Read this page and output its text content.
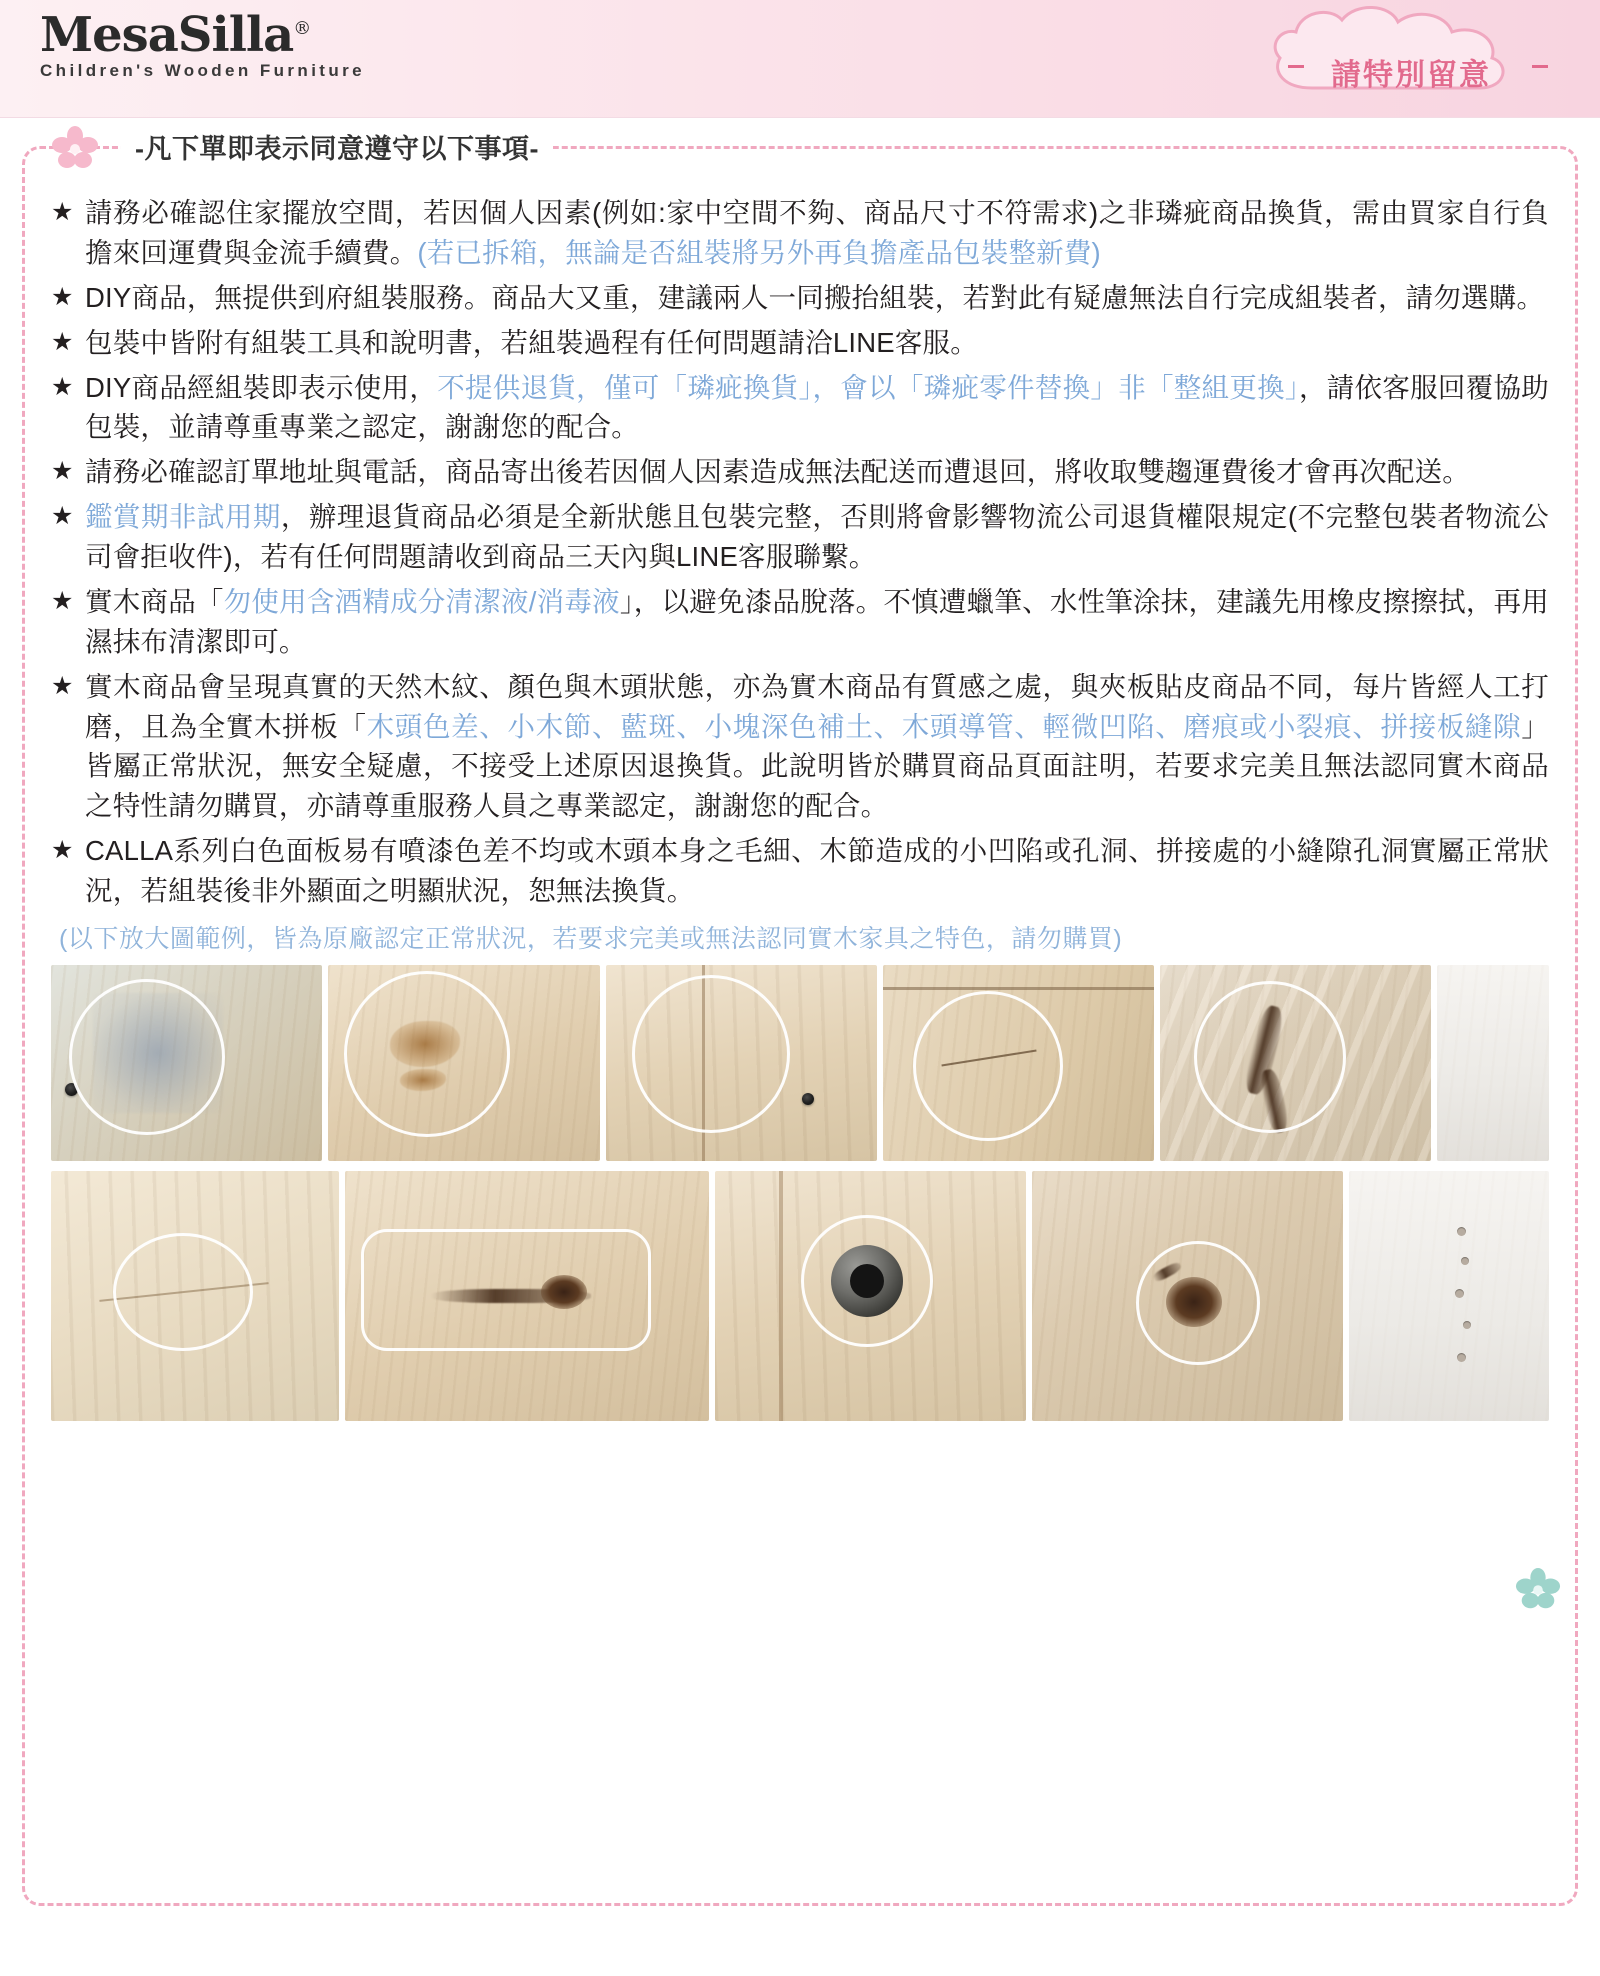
MesaSilla®
Children's Wooden Furniture	請特別留意
-凡下單即表示同意遵守以下事項-
★ 請務必確認住家擺放空間，若因個人因素(例如:家中空間不夠、商品尺寸不符需求)之非璘疵商品換貨，需由買家自行負擔來回運費與金流手續費。(若已拆箱，無論是否組裝將另外再負擔產品包裝整新費)
★ DIY商品，無提供到府組裝服務。商品大又重，建議兩人一同搬抬組裝，若對此有疑慮無法自行完成組裝者，請勿選購。
★ 包裝中皆附有組裝工具和說明書，若組裝過程有任何問題請洽LINE客服。
★ DIY商品經組裝即表示使用，不提供退貨，僅可「璘疵換貨」，會以「璘疵零件替換」非「整組更換」，請依客服回覆協助包裝，並請尊重專業之認定，謝謝您的配合。
★ 請務必確認訂單地址與電話，商品寄出後若因個人因素造成無法配送而遭退回，將收取雙趨運費後才會再次配送。
★ 鑑賞期非試用期，辦理退貨商品必須是全新狀態且包裝完整，否則將會影響物流公司退貨權限規定(不完整包裝者物流公司會拒收件)，若有任何問題請收到商品三天內與LINE客服聯繫。
★ 實木商品「勿使用含酒精成分清潔液/消毒液」，以避免漆品脫落。不慎遭蠟筆、水性筆涂抹，建議先用橡皮擦擦拭，再用濕抹布清潔即可。
★ 實木商品會呈現真實的天然木紋、顏色與木頭狀態，亦為實木商品有質感之處，與夾板貼皮商品不同，每片皆經人工打磨，且為全實木拼板「木頭色差、小木節、藍斑、小塊深色補土、木頭導管、輕微凹陷、磨痕或小裂痕、拼接板縫隙」皆屬正常狀況，無安全疑慮，不接受上述原因退換貨。此說明皆於購買商品頁面註明，若要求完美且無法認同實木商品之特性請勿購買，亦請尊重服務人員之專業認定，謝謝您的配合。
★ CALLA系列白色面板易有噴漆色差不均或木頭本身之毛細、木節造成的小凹陷或孔洞、拼接處的小縫隙孔洞實屬正常狀況，若組裝後非外顯面之明顯狀況，恕無法換貨。
(以下放大圖範例，皆為原廠認定正常狀況，若要求完美或無法認同實木家具之特色，請勿購買)
